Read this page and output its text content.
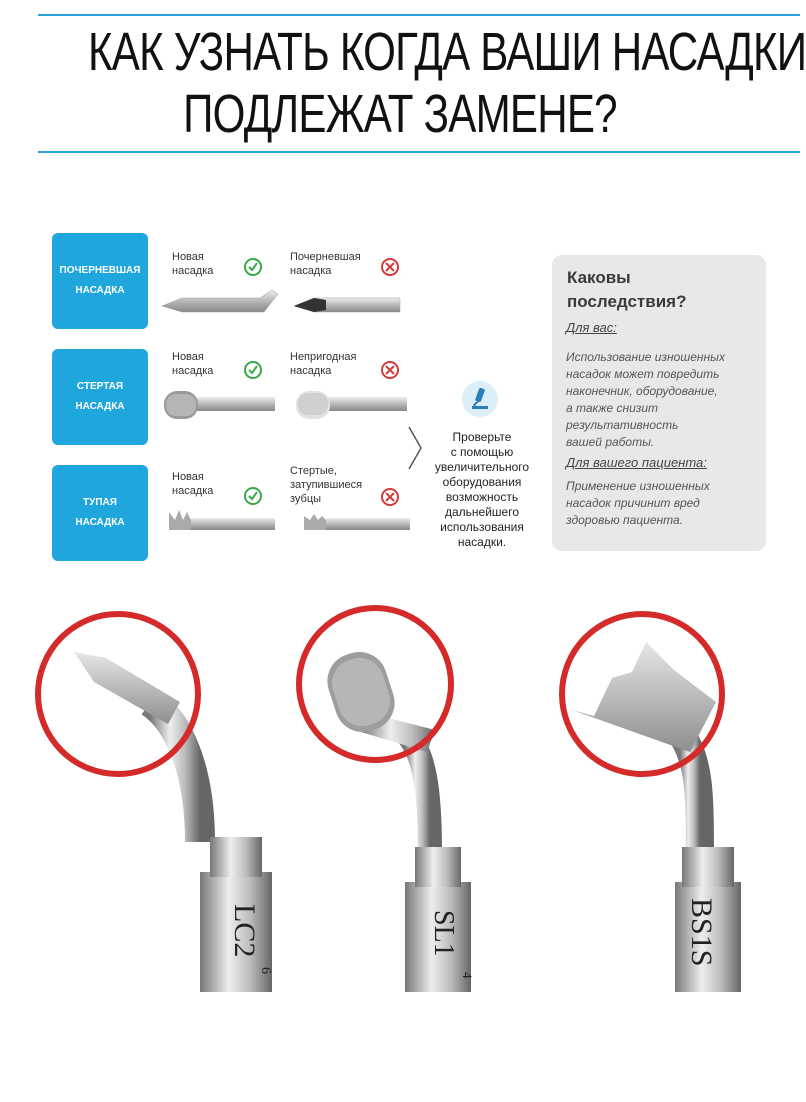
КАК УЗНАТЬ КОГДА ВАШИ НАСАДКИ
ПОДЛЕЖАТ ЗАМЕНЕ?
ПОЧЕРНЕВШАЯ
НАСАДКА
Новая
насадка
Почерневшая
насадка
СТЕРТАЯ
НАСАДКА
Новая
насадка
Непригодная
насадка
ТУПАЯ
НАСАДКА
Новая
насадка
Стертые,
затупившиеся
зубцы
Проверьте
с помощью
увеличительного
оборудования
возможность
дальнейшего
использования
насадки.
Каковы
последствия?
Для вас:
Использование изношенных
насадок может повредить
наконечник, оборудование,
а также снизит
результативность
вашей работы.
Для вашего пациента:
Применение изношенных
насадок причинит вред
здоровью пациента.
LC2
6
SL1
4
BS1S
